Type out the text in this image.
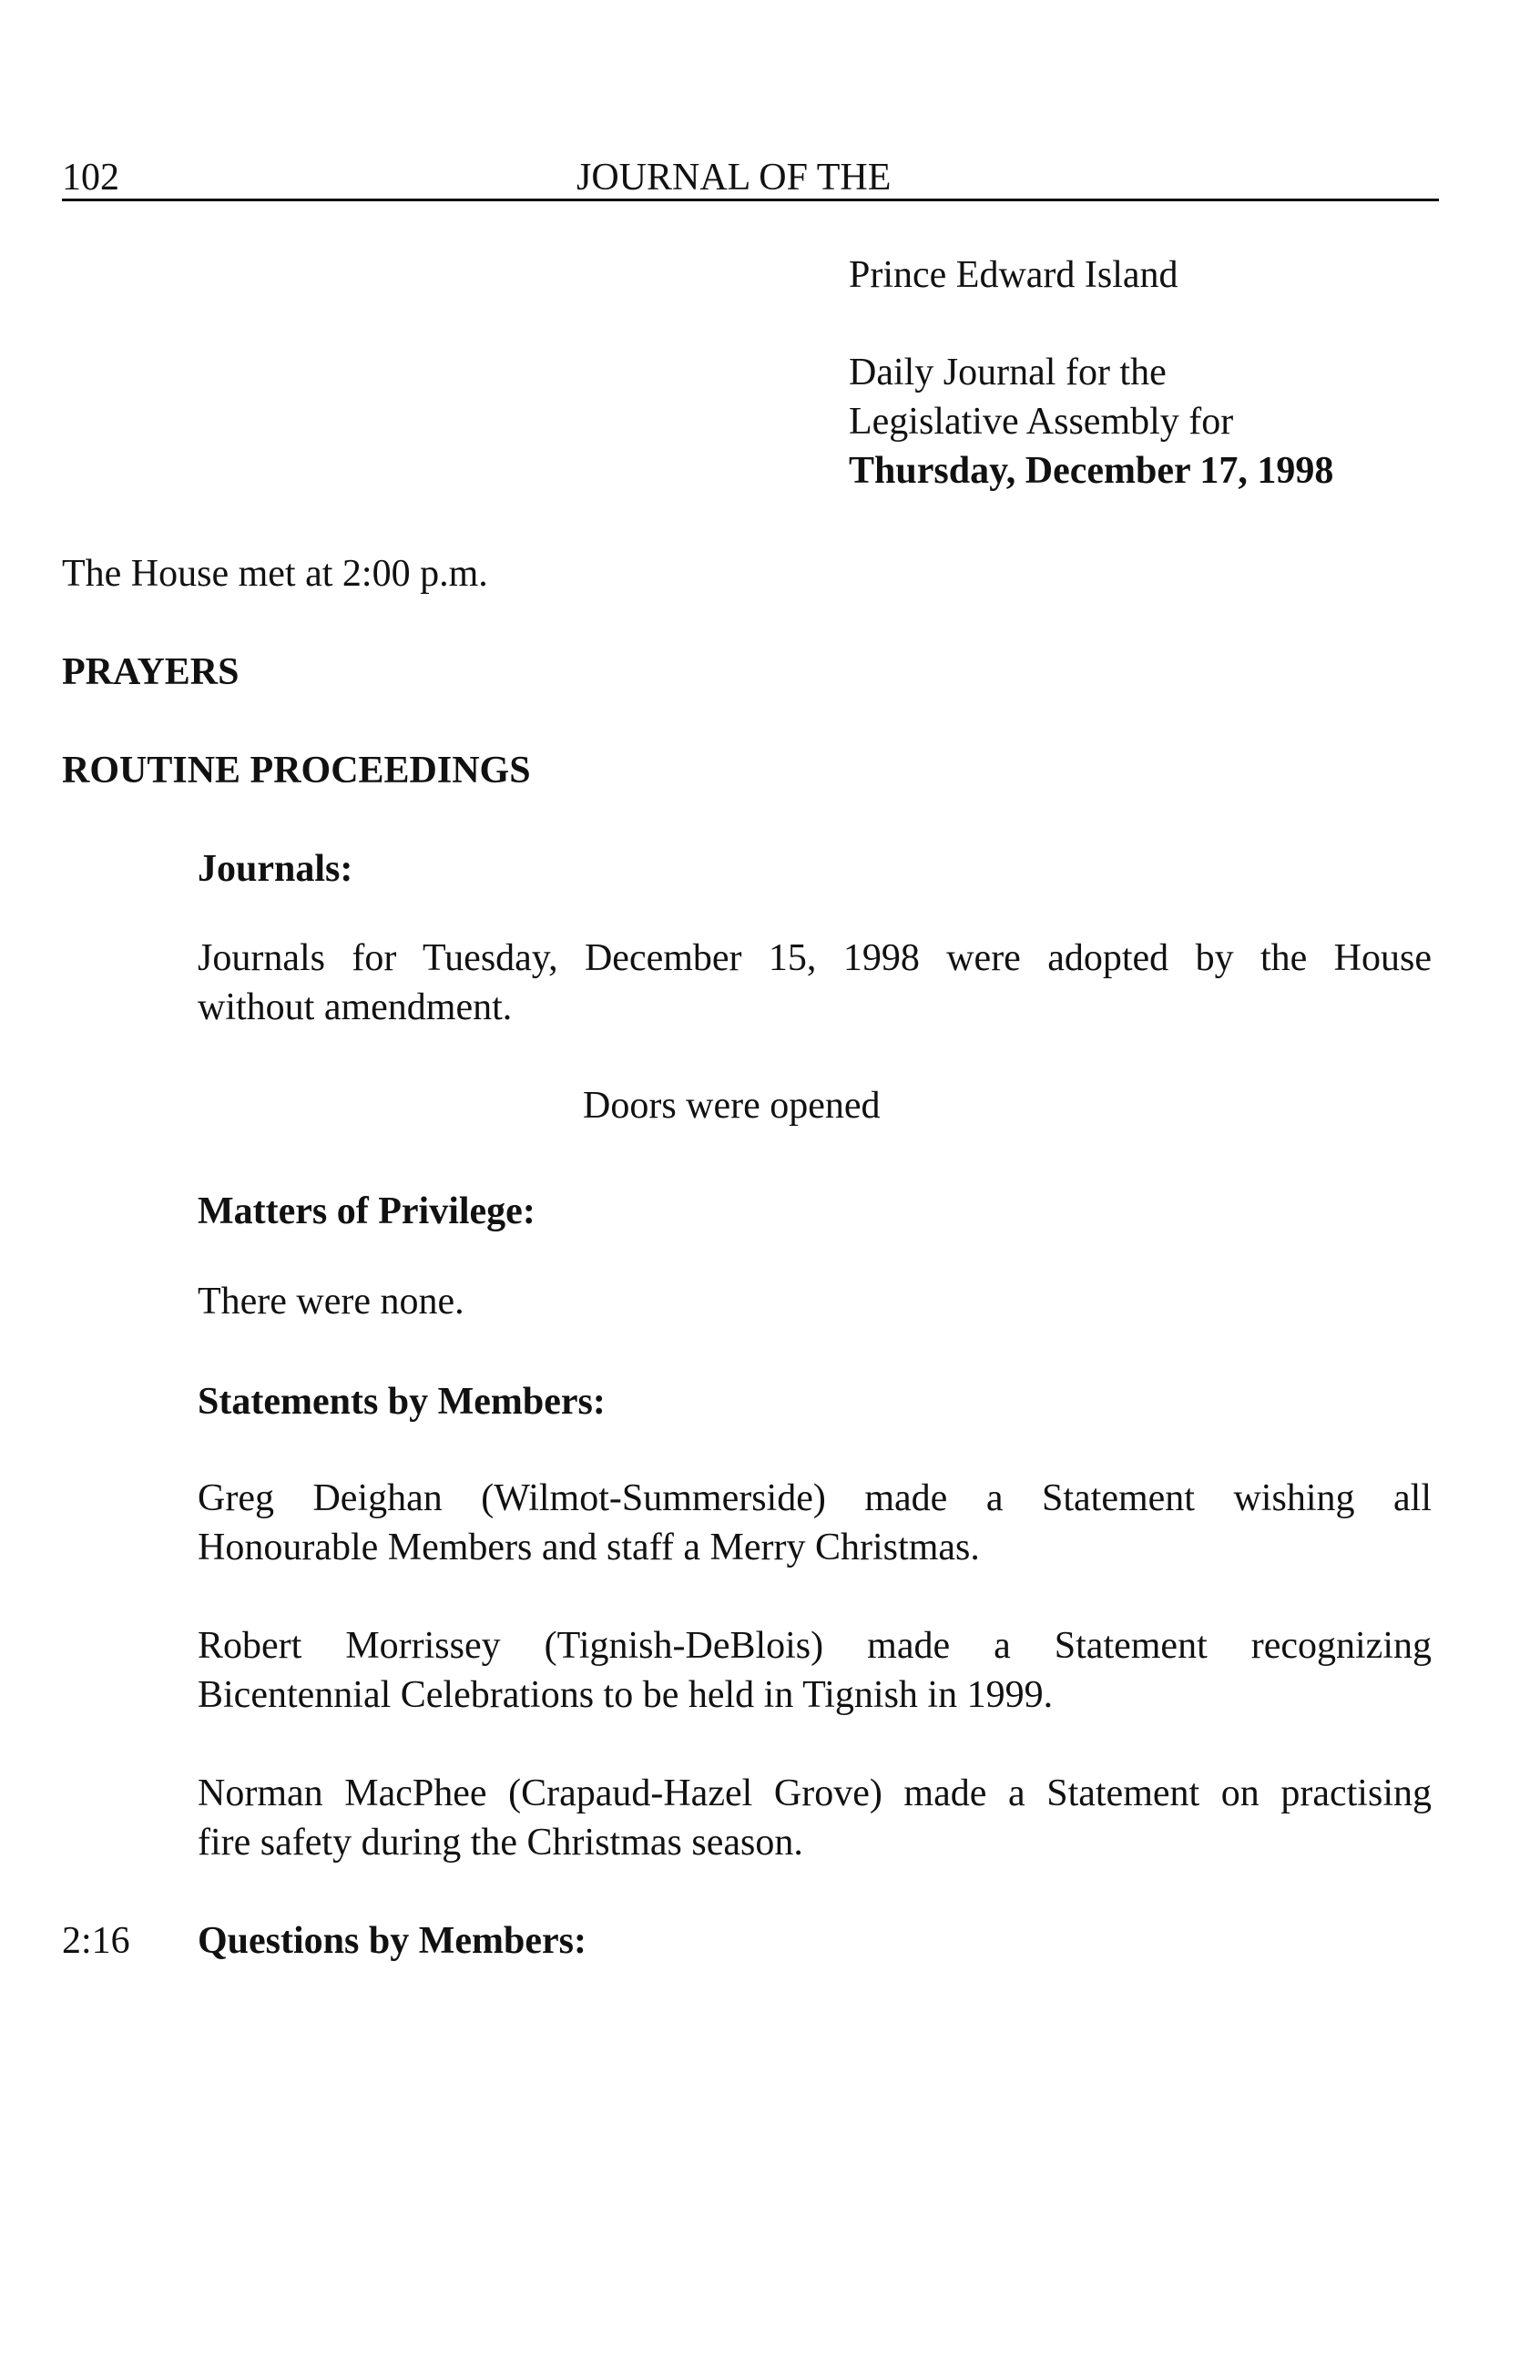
102	JOURNAL OF THE

Prince Edward Island

Daily Journal for the

Legislative Assembly for

Thursday, December 17, 1998

The House met at 2:00 p.m.

PRAYERS

ROUTINE PROCEEDINGS

Journals:

Journals for Tuesday, December 15, 1998 were adopted by the House
without amendment.

Doors were opened

Matters of Privilege:

There were none.

Statements by Members:

Greg Deighan (Wilmot-Summerside) made a Statement wishing all
Honourable Members and staff a Merry Christmas.
Robert Morrissey (Tignish-DeBlois) made a Statement recognizing
Bicentennial Celebrations to be held in Tignish in 1999.
Norman MacPhee (Crapaud-Hazel Grove) made a Statement on practising
fire safety during the Christmas season.

2:16 Questions by Members:
